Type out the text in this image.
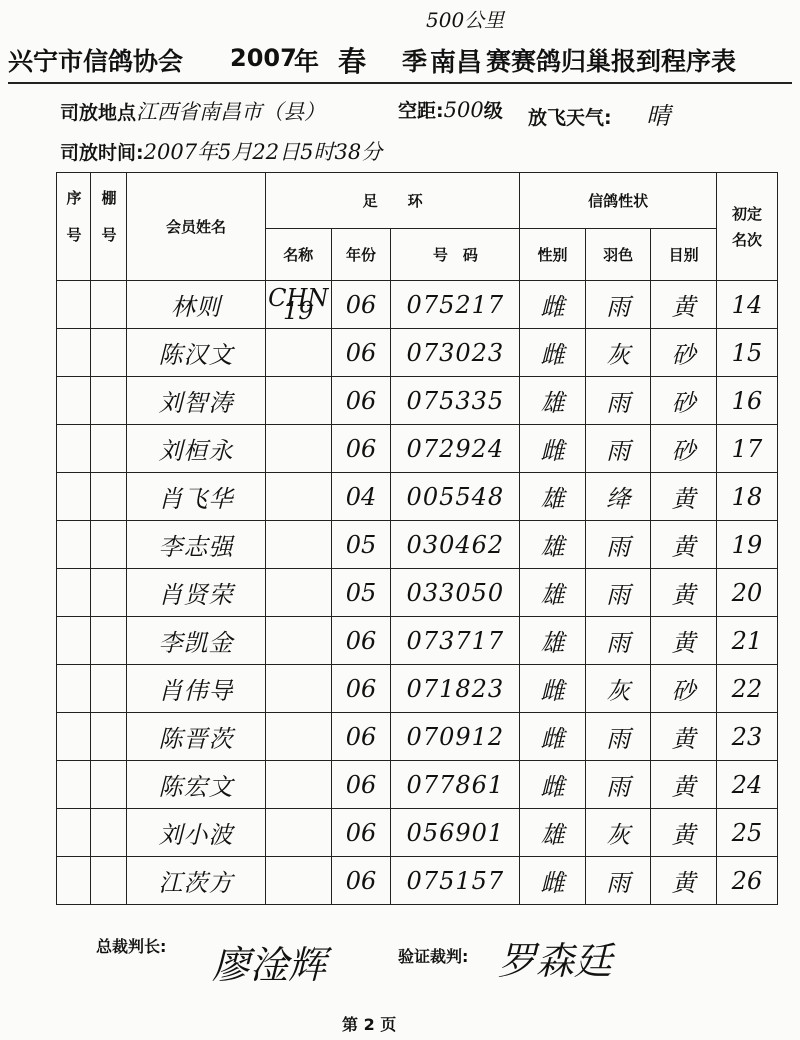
兴宁市信鸽协会 2007
年 春 季 南昌 赛赛鸽归巢报到程序表
500公里
司放地点江西省南昌市（县）	空距:500级 放飞天气: 晴
司放时间:2007年5月22日5时38分
序号	棚号	会员姓名	足　　环			信鸽性状			初定名次
			名称	年份	号　码	性别	羽色	目别	
		林则	CHN 19	06	075217	雌	雨	黄	14
		陈汉文		06	073023	雌	灰	砂	15
		刘智涛		06	075335	雄	雨	砂	16
		刘桓永		06	072924	雌	雨	砂	17
		肖飞华		04	005548	雄	绛	黄	18
		李志强		05	030462	雄	雨	黄	19
		肖贤荣		05	033050	雄	雨	黄	20
		李凯金		06	073717	雄	雨	黄	21
		肖伟导		06	071823	雌	灰	砂	22
		陈晋茨		06	070912	雌	雨	黄	23
		陈宏文		06	077861	雌	雨	黄	24
		刘小波		06	056901	雄	灰	黄	25
		江茨方		06	075157	雌	雨	黄	26
总裁判长: 廖淦辉	验证裁判: 罗森廷
第 2 页
